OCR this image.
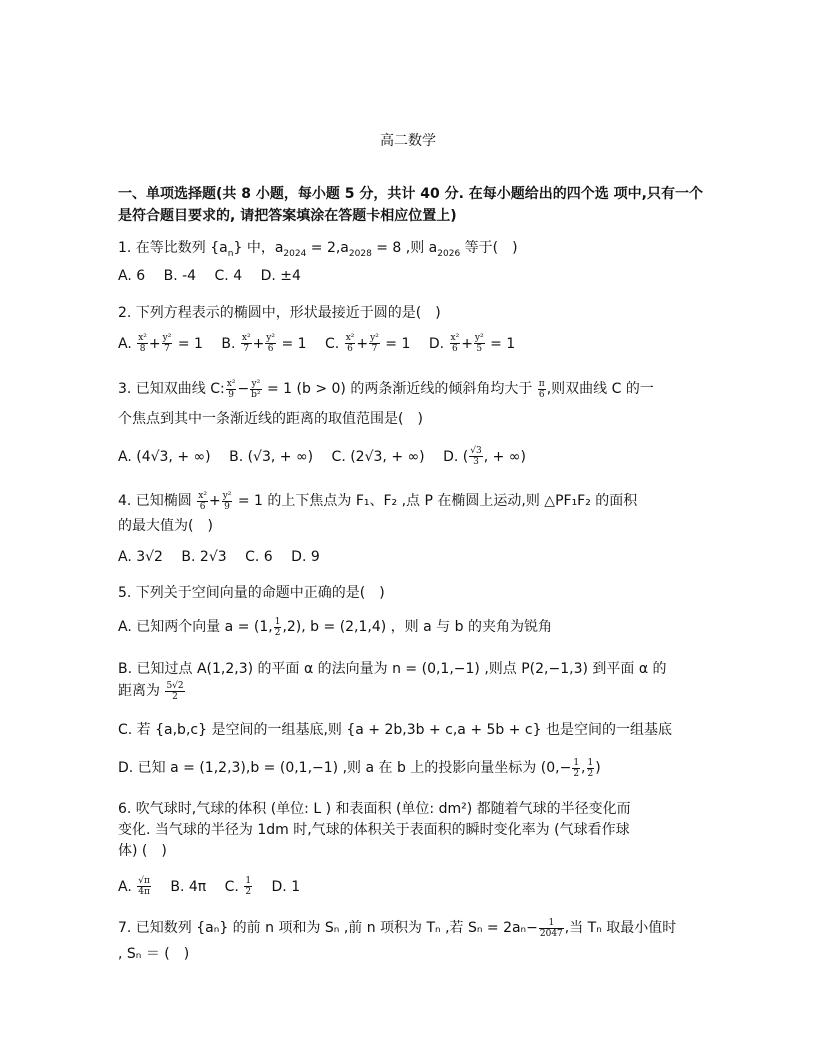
高二数学
一、单项选择题(共 8 小题，每小题 5 分，共计 40 分. 在每小题给出的四个选 项中,只有一个是符合题目要求的, 请把答案填涂在答题卡相应位置上)
1. 在等比数列 $\{a_n\}$ 中，$a_{2024} = 2,a_{2028} = 8$ ,则 $a_{2026}$ 等于(　)
A. 6 B. -4 C. 4 D. ±4
2. 下列方程表示的椭圆中，形状最接近于圆的是(　)
A. $\frac{\text{x²}}{8} + \frac{\text{y²}}{7} = 1$ B. $\frac{\text{x²}}{7} + \frac{\text{y²}}{6} = 1$ C. $\frac{\text{x²}}{6} + \frac{\text{y²}}{7} = 1$ D. $\frac{\text{x²}}{6} + \frac{\text{y²}}{5} = 1$
3. 已知双曲线 C: $\frac{\text{x²}}{9} - \frac{\text{y²}}{\text{b²}} = 1$ (b > 0) 的两条渐近线的倾斜角均大于 $\frac{\pi}{6}$ ,则双曲线 C 的一
个焦点到其中一条渐近线的距离的取值范围是(　)
A. (4√3, + ∞) B. (√3, + ∞) C. (2√3, + ∞) D. ( $\frac{√3}{3}$ , + ∞)
4. 已知椭圆 $\frac{\text{x²}}{6} + \frac{\text{y²}}{9} = 1$ 的上下焦点为 F₁、F₂ ,点 P 在椭圆上运动,则 △PF₁F₂ 的面积
的最大值为(　)
A. 3√2 B. 2√3 C. 6 D. 9
5. 下列关于空间向量的命题中正确的是(　)
A. 已知两个向量 a = (1, $\frac{1}{2} ,2$), b = (2,1,4) ，则 a 与 b 的夹角为锐角
B. 已知过点 A(1,2,3) 的平面 α 的法向量为 n = (0,1,−1) ,则点 P(2,−1,3) 到平面 α 的
距离为 $\frac{5√2}{2}$
C. 若 {a,b,c} 是空间的一组基底,则 {a + 2b,3b + c,a + 5b + c} 也是空间的一组基底
D. 已知 a = (1,2,3),b = (0,1,−1) ,则 a 在 b 上的投影向量坐标为 ($0,- \frac{1}{2}$ , $\frac{1}{2}$ )
6. 吹气球时,气球的体积 (单位: L ) 和表面积 (单位: dm²) 都随着气球的半径变化而
变化. 当气球的半径为 1dm 时,气球的体积关于表面积的瞬时变化率为 (气球看作球
体) (　)
A. $\frac{√\pi}{4\pi} B$. 4π C. $\frac{1}{2} D$. 1
7. 已知数列 {aₙ} 的前 n 项和为 Sₙ ,前 n 项积为 Tₙ ,若 $S_n = 2a_n- \frac{1}{2047}$ ,当 Tₙ 取最小值时
, Sₙ ＝ (　)
